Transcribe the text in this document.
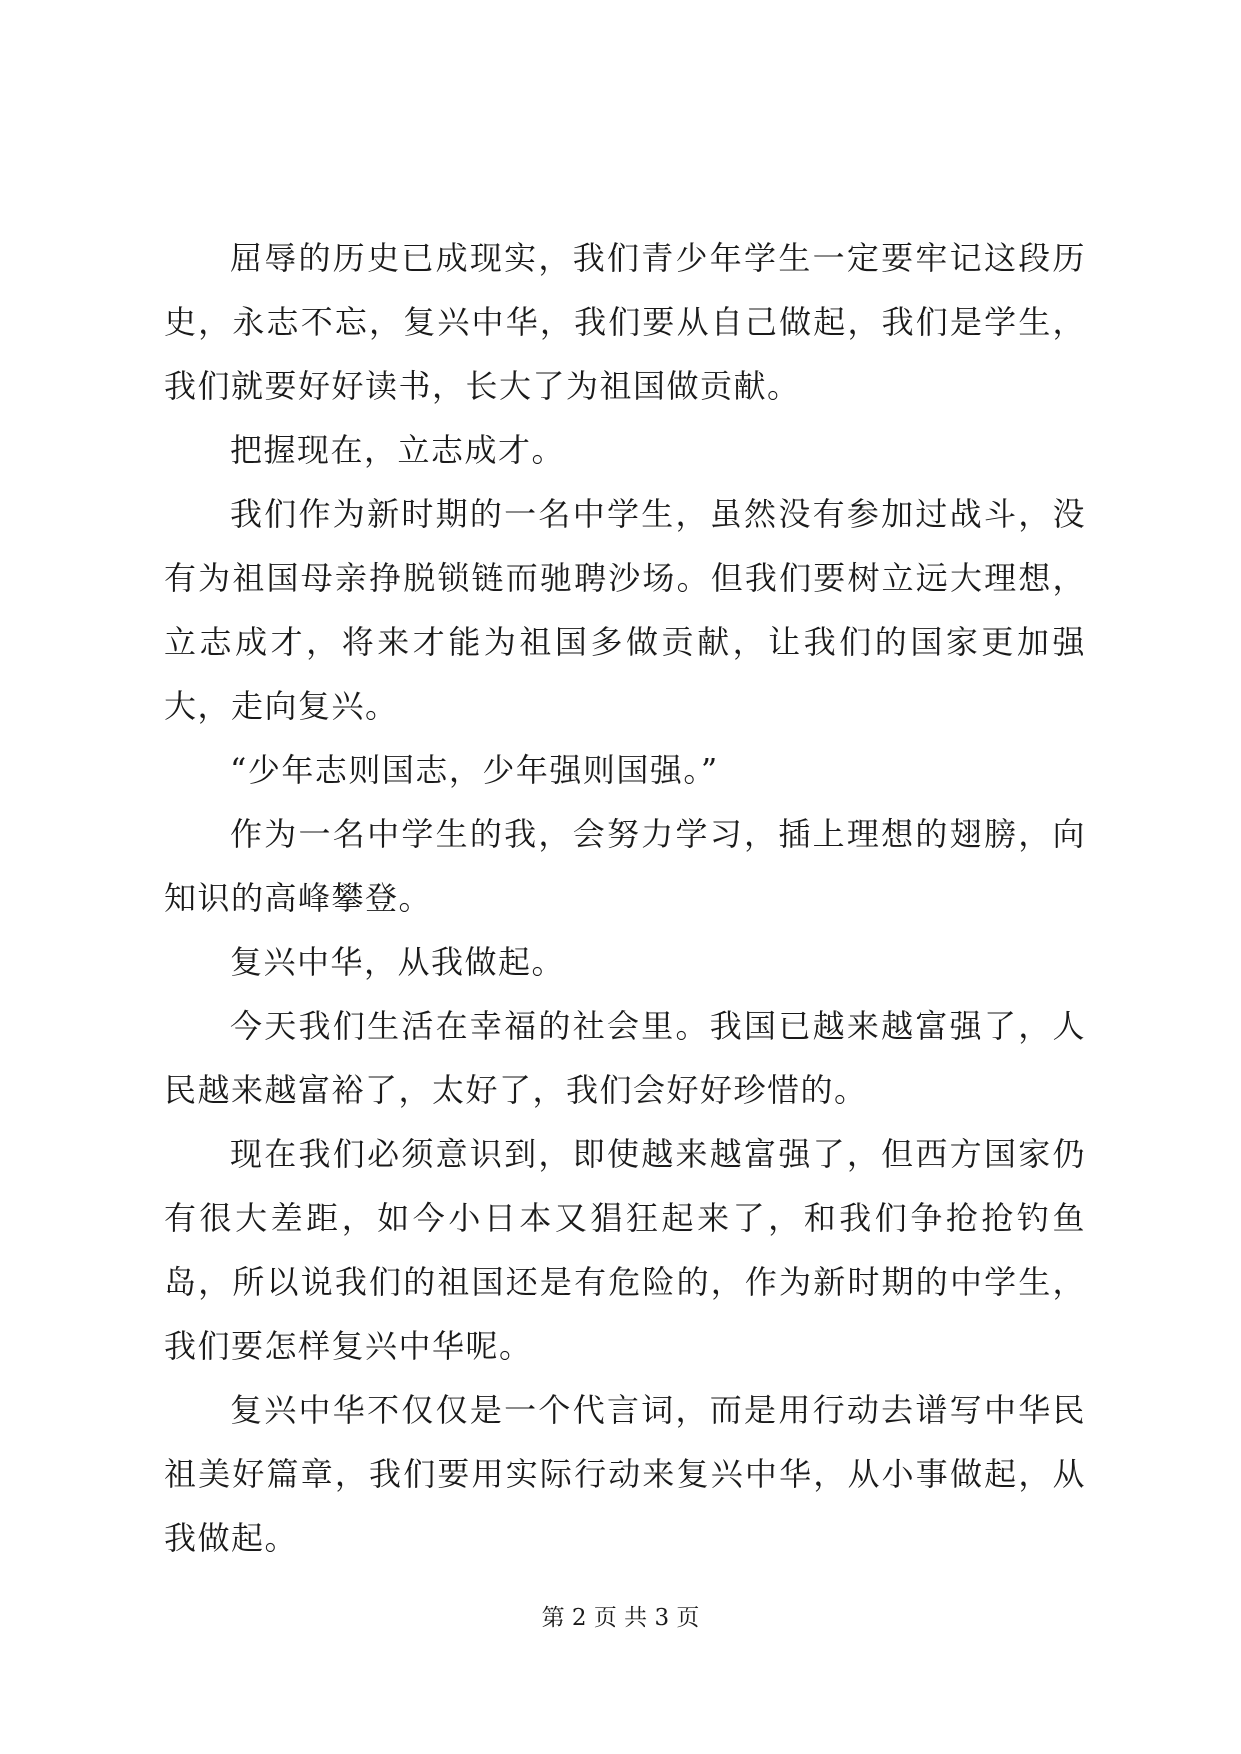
屈辱的历史已成现实，我们青少年学生一定要牢记这段历史，永志不忘，复兴中华，我们要从自己做起，我们是学生，我们就要好好读书，长大了为祖国做贡献。

把握现在，立志成才。

我们作为新时期的一名中学生，虽然没有参加过战斗，没有为祖国母亲挣脱锁链而驰聘沙场。但我们要树立远大理想，立志成才，将来才能为祖国多做贡献，让我们的国家更加强大，走向复兴。

“少年志则国志，少年强则国强。”

作为一名中学生的我，会努力学习，插上理想的翅膀，向知识的高峰攀登。

复兴中华，从我做起。

今天我们生活在幸福的社会里。我国已越来越富强了，人民越来越富裕了，太好了，我们会好好珍惜的。

现在我们必须意识到，即使越来越富强了，但西方国家仍有很大差距，如今小日本又猖狂起来了，和我们争抢抢钓鱼岛，所以说我们的祖国还是有危险的，作为新时期的中学生，我们要怎样复兴中华呢。

复兴中华不仅仅是一个代言词，而是用行动去谱写中华民祖美好篇章，我们要用实际行动来复兴中华，从小事做起，从我做起。

第 2 页 共 3 页
